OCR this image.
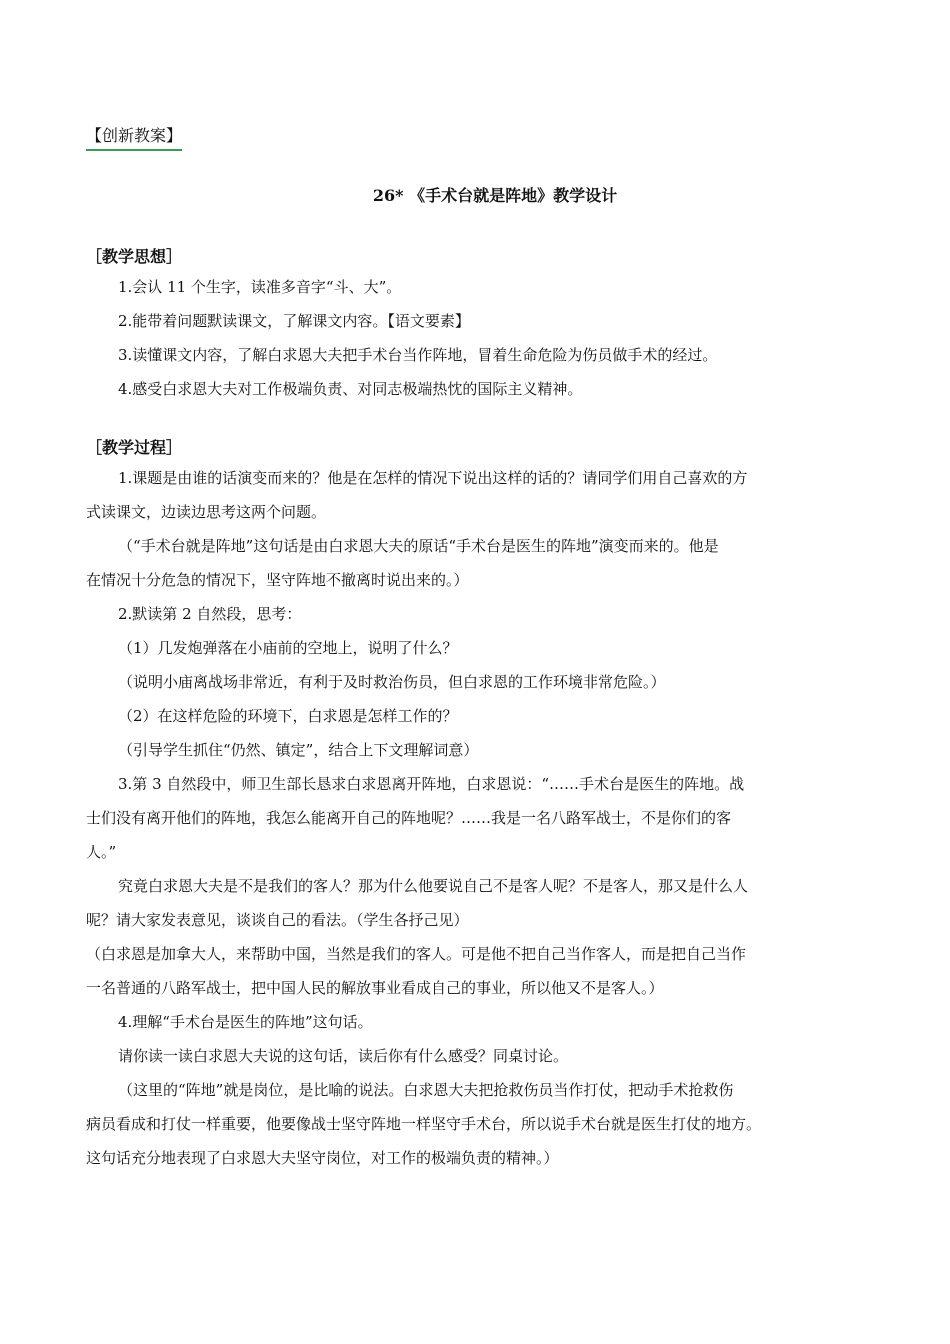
【创新教案】
26* 《手术台就是阵地》教学设计
［教学思想］

1.会认 11 个生字，读准多音字“斗、大”。

2.能带着问题默读课文，了解课文内容。【语文要素】

3.读懂课文内容，了解白求恩大夫把手术台当作阵地，冒着生命危险为伤员做手术的经过。

4.感受白求恩大夫对工作极端负责、对同志极端热忱的国际主义精神。

［教学过程］

1.课题是由谁的话演变而来的？他是在怎样的情况下说出这样的话的？请同学们用自己喜欢的方

式读课文，边读边思考这两个问题。

（“手术台就是阵地”这句话是由白求恩大夫的原话“手术台是医生的阵地”演变而来的。他是

在情况十分危急的情况下，坚守阵地不撤离时说出来的。）

2.默读第 2 自然段，思考：

（1）几发炮弹落在小庙前的空地上，说明了什么？

（说明小庙离战场非常近，有利于及时救治伤员，但白求恩的工作环境非常危险。）

（2）在这样危险的环境下，白求恩是怎样工作的？

（引导学生抓住“仍然、镇定”，结合上下文理解词意）

3.第 3 自然段中，师卫生部长恳求白求恩离开阵地，白求恩说：“……手术台是医生的阵地。战

士们没有离开他们的阵地，我怎么能离开自己的阵地呢？……我是一名八路军战士，不是你们的客

人。”

究竟白求恩大夫是不是我们的客人？那为什么他要说自己不是客人呢？不是客人，那又是什么人

呢？请大家发表意见，谈谈自己的看法。（学生各抒己见）

（白求恩是加拿大人，来帮助中国，当然是我们的客人。可是他不把自己当作客人，而是把自己当作

一名普通的八路军战士，把中国人民的解放事业看成自己的事业，所以他又不是客人。）

4.理解“手术台是医生的阵地”这句话。

请你读一读白求恩大夫说的这句话，读后你有什么感受？同桌讨论。

（这里的“阵地”就是岗位，是比喻的说法。白求恩大夫把抢救伤员当作打仗，把动手术抢救伤

病员看成和打仗一样重要，他要像战士坚守阵地一样坚守手术台，所以说手术台就是医生打仗的地方。

这句话充分地表现了白求恩大夫坚守岗位，对工作的极端负责的精神。）
